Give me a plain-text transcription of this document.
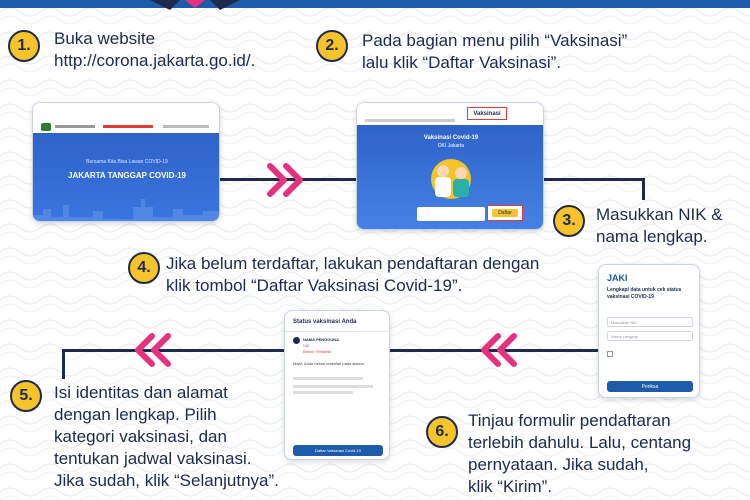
1.	Buka website
http://corona.jakarta.go.id/.
2.	Pada bagian menu pilih “Vaksinasi”
lalu klik “Daftar Vaksinasi”.
3.	Masukkan NIK &
nama lengkap.
4. Jika belum terdaftar, lakukan pendaftaran dengan
klik tombol “Daftar Vaksinasi Covid-19”.
5.	Isi identitas dan alamat
dengan lengkap. Pilih
kategori vaksinasi, dan
tentukan jadwal vaksinasi.
Jika sudah, klik “Selanjutnya”.
6.
Tinjau formulir pendaftaran
terlebih dahulu. Lalu, centang
pernyataan. Jika sudah,
klik “Kirim”.
Bersama Kita Bisa Lawan COVID-19
JAKARTA TANGGAP COVID-19
Vaksinasi
Vaksinasi Covid-19
DKI Jakarta
Daftar
JAKI
Lengkapi data untuk cek status
vaksinasi COVID-19
Masukkan NIK
Nama Lengkap
Periksa
Status vaksinasi Anda
NAMA PENGGUNA
NIK
Belum Terdaftar
Maaf, Anda belum terdaftar pada sistem
Daftar Vaksinasi Covid-19
